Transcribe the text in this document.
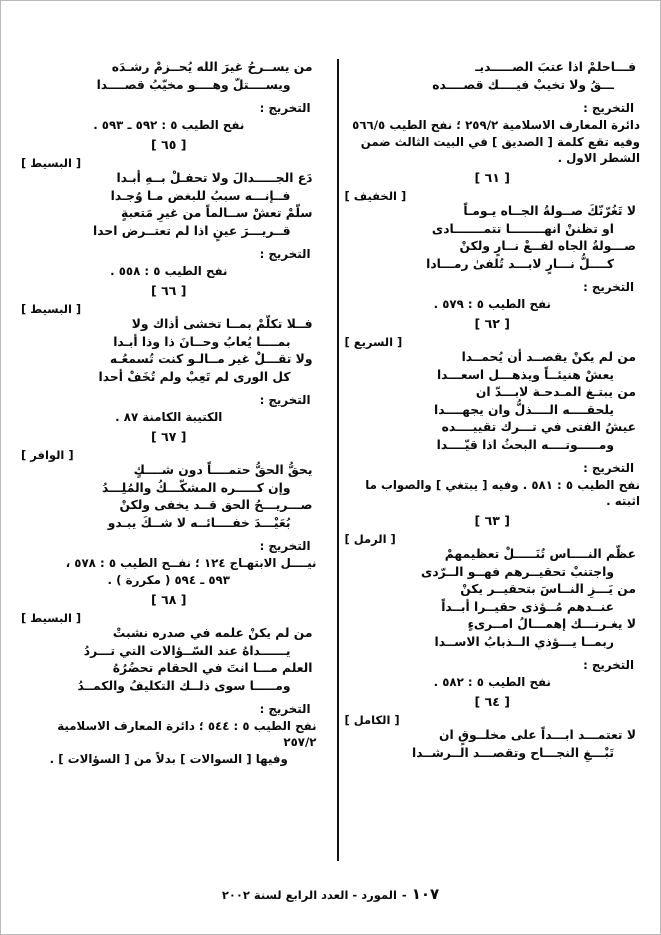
فـــاحلمْ اذا عتبَ الصـــــديـ
ـــقُ ولا تخيبْ فيــــك قصــــده
التخريج :
دائرة المعارف الاسلامية ٢٥٩/٢ ؛ نفح الطيب ٥٦٦/٥
وفيه تقع كلمة [ الصديق ] في البيت الثالث ضمن الشطر الاول .
[ ٦١ ]
[ الخفيف ]
لا تَغُرّنّكَ صــولةُ الجــاه يـومـاً
او تظننْ انهــــــــا تتمـــــــادى
صـــولةُ الجاه لفــعْ نــارٍ ولكنْ
كــــلُّ نـــارٍ لابـــد تُلفىٰ رمـــادا
التخريج :
نفح الطيب ٥ : ٥٧٩ .
[ ٦٢ ]
[ السريع ]
من لم يكنْ يقصــد أن يُحمــدا
يعشْ هنيئــاً ويذهـــل اسعـــدا
من يبتـغ المـدحـة لابـــدّ ان
يلحقــــه الــــذلُّ وان يجهــــدا
عيشُ الفتى في تـــرك تقييــــده
ومـــــوتــــه البحثُ اذا قيّــــدا
التخريج :
نفح الطيب ٥ : ٥٨١ . وفيه [ يبتغي ] والصواب ما اثبته .
[ ٦٣ ]
[ الرمل ]
عظّم النــــاس تُنَـــــلْ تعظيمهمْ
واجتنبْ تحقيــرهم فهــو الــرّدى
من يَـــزِ النــاسَ بتحقيــر يكنْ
عنــدهم مُــؤذى حقيــرا أبــداً
لا يغـرنـــك إهمـــالُ امــرىءٍ
ربمــا يـــؤذي الــذبابُ الاســدا
التخريج :
نفح الطيب ٥ : ٥٨٢ .
[ ٦٤ ]
[ الكامل ]
لا تعتمـــد ابـــداً على مخلــوقٍ ان
تَبْـــغِ النجـــاح وتقصـــد الــرشــدا
من يســرحُ غيرَ الله يُحــزمْ رشـدَه
ويســــتلّ وهــــو مخيّبُ قصــــدا
التخريج :
نفح الطيب ٥ : ٥٩٢ ـ ٥٩٣ .
[ ٦٥ ]
[ البسيط ]
دَع الجـــــدالَ ولا تحفـلْ بــهِ أبـدا
فــإنـــه سببُ للبغض مـا وُجـدا
سلّمْ تعشْ ســالماً من غيرِ مَتعبةٍ
قــريـــرَ عينٍ اذا لم تعتــرض احدا
التخريج :
نفح الطيب ٥ : ٥٥٨ .
[ ٦٦ ]
[ البسيط ]
فــلا تكلّمْ بمــا تخشى أذاك ولا
بمــــا يُعابُ وحــانَ ذا وذا أبـدا
ولا تقـــلْ غير مــالـو كنت تُسمعُـه
كل الورى لم تَعِبْ ولم تُخَفْ أحدا
التخريج :
الكتيبة الكامنة ٨٧ .
[ ٦٧ ]
[ الوافر ]
يحقُّ الحقُّ حتمــــاً دون شــــكٍ
وإن كـــــره المشكّـــكُ والمُلِـــدُ
صـــريـــحُ الحق قــد يخفى ولكنْ
بُعَيْـــدَ خفــــائــه لا شــكَ يبـدو
التخريج :
نيــــل الابتهـاج ١٢٤ ؛ نفــح الطيب ٥ : ٥٧٨ ،
٥٩٣ ـ ٥٩٤ ( مكررة ) .
[ ٦٨ ]
[ البسيط ]
من لم يكنْ علمه في صدره نشبتْ
يــــــداهُ عند السّــؤالات التي تـــردُ
العلم مـــا انتَ في الحقام تحضُرُهُ
ومـــــا سوى ذلــك التكليفُ والكمــدُ
التخريج :
نفح الطيب ٥ : ٥٤٤ ؛ دائرة المعارف الاسلامية ٢٥٧/٢
وفيها [ السوالات ] بدلاً من [ السؤالات ] .
١٠٧-المورد - العدد الرابع لسنة ٢٠٠٢
